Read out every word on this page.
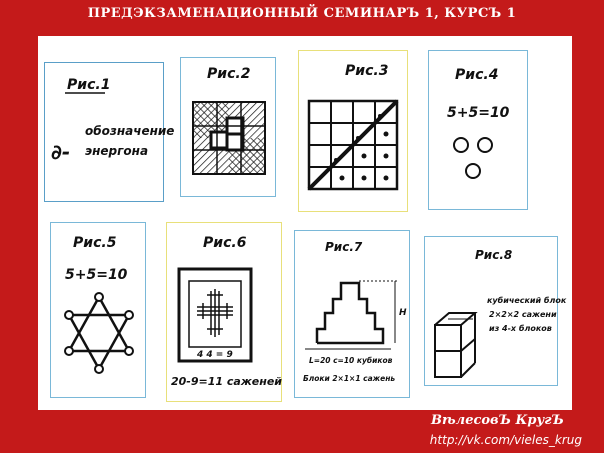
ПРЕДЭКЗАМЕНАЦИОННЫЙ СЕМИНАРЪ 1, КУРСЪ 1
Рис.1
обозначение
∂- энергона
Рис.2	Рис.3	Рис.4
5+5=10
Рис.5
5+5=10
Рис.6
4 4 = 9
20-9=11 саженей
Рис.7
H
L=20 c=10 кубиков
Блоки 2×1×1 сажень
Рис.8
кубический блок
2×2×2 сажени
из 4-х блоков
ВѣлесовЪ КругЪ
http://vk.com/vieles_krug
